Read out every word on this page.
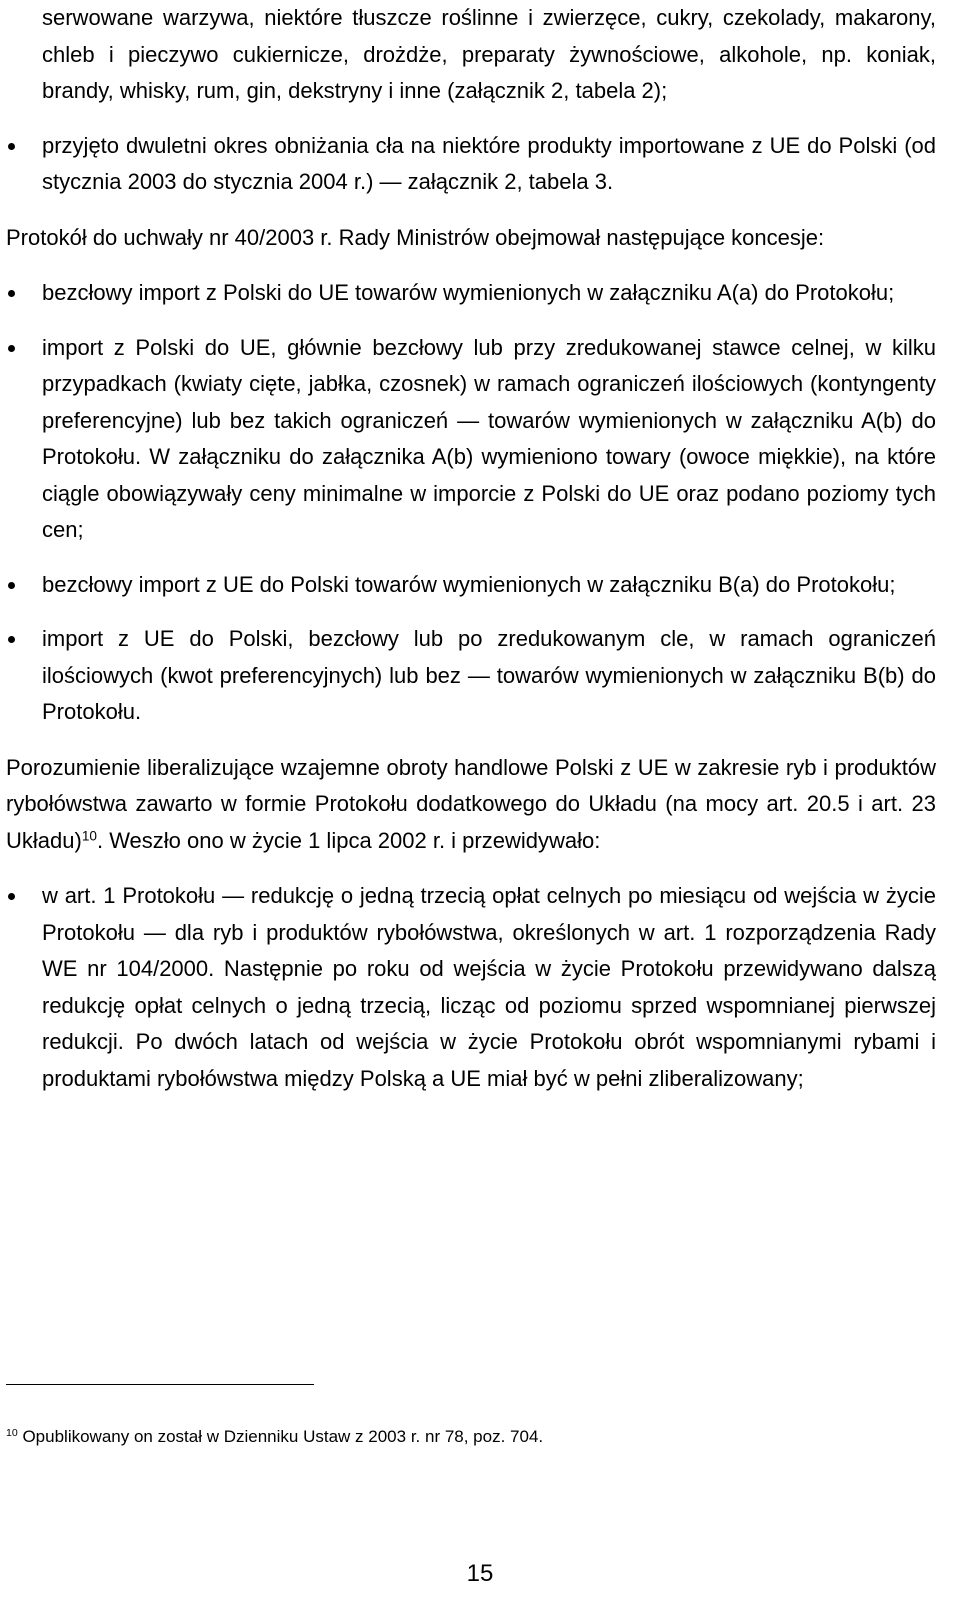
serwowane warzywa, niektóre tłuszcze roślinne i zwierzęce, cukry, czekolady, makarony, chleb i pieczywo cukiernicze, drożdże, preparaty żywnościowe, alkohole, np. koniak, brandy, whisky, rum, gin, dekstryny i inne (załącznik 2, tabela 2);

przyjęto dwuletni okres obniżania cła na niektóre produkty importowane z UE do Polski (od stycznia 2003 do stycznia 2004 r.) — załącznik 2, tabela 3.

Protokół do uchwały nr 40/2003 r. Rady Ministrów obejmował następujące koncesje:

bezcłowy import z Polski do UE towarów wymienionych w załączniku A(a) do Protokołu;

import z Polski do UE, głównie bezcłowy lub przy zredukowanej stawce celnej, w kilku przypadkach (kwiaty cięte, jabłka, czosnek) w ramach ograniczeń ilościowych (kontyngenty preferencyjne) lub bez takich ograniczeń — towarów wymienionych w załączniku A(b) do Protokołu. W załączniku do załącznika A(b) wymieniono towary (owoce miękkie), na które ciągle obowiązywały ceny minimalne w imporcie z Polski do UE oraz podano poziomy tych cen;

bezcłowy import z UE do Polski towarów wymienionych w załączniku B(a) do Protokołu;

import z UE do Polski, bezcłowy lub po zredukowanym cle, w ramach ograniczeń ilościowych (kwot preferencyjnych) lub bez — towarów wymienionych w załączniku B(b) do Protokołu.

Porozumienie liberalizujące wzajemne obroty handlowe Polski z UE w zakresie ryb i produktów rybołówstwa zawarto w formie Protokołu dodatkowego do Układu (na mocy art. 20.5 i art. 23 Układu)$^{10}$. Weszło ono w życie 1 lipca 2002 r. i przewidywało:

w art. 1 Protokołu — redukcję o jedną trzecią opłat celnych po miesiącu od wejścia w życie Protokołu — dla ryb i produktów rybołówstwa, określonych w art. 1 rozporządzenia Rady WE nr 104/2000. Następnie po roku od wejścia w życie Protokołu przewidywano dalszą redukcję opłat celnych o jedną trzecią, licząc od poziomu sprzed wspomnianej pierwszej redukcji. Po dwóch latach od wejścia w życie Protokołu obrót wspomnianymi rybami i produktami rybołówstwa między Polską a UE miał być w pełni zliberalizowany;

$^{10}$ Opublikowany on został w Dzienniku Ustaw z 2003 r. nr 78, poz. 704.
15
